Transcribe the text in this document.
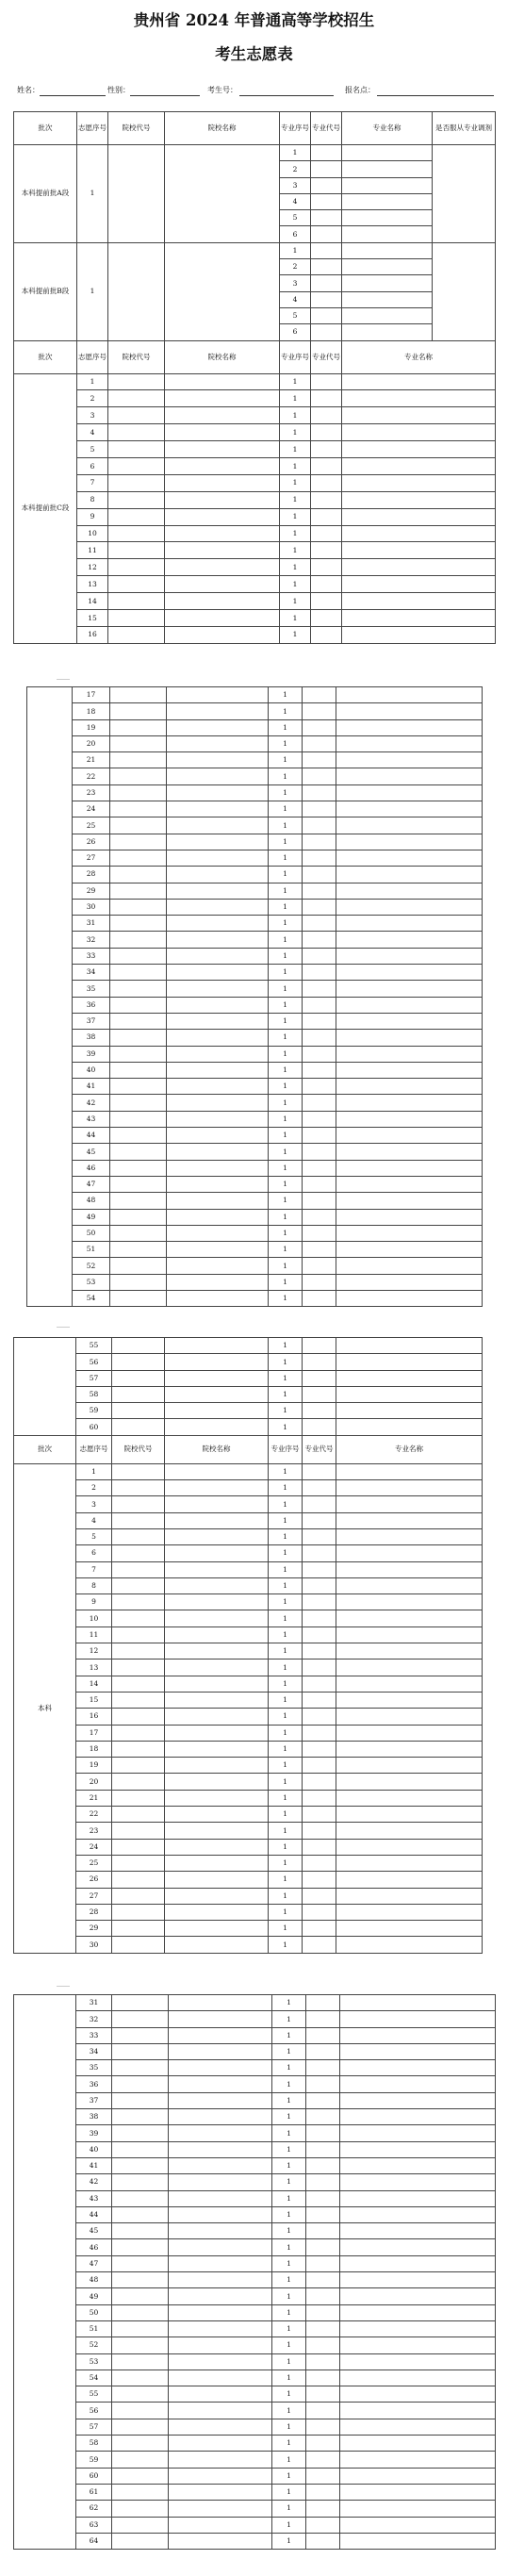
贵州省 2024 年普通高等学校招生
考生志愿表
姓名：	性别：	考生号：	报名点：
批次	志愿序号	院校代号	院校名称	专业序号	专业代号	专业名称	是否服从专业调剂
本科提前批A段	1			1			
				2			
				3			
				4			
				5			
				6			
本科提前批B段	1			1			
				2			
				3			
				4			
				5			
				6			
批次	志愿序号	院校代号	院校名称	专业序号	专业代号	专业名称	
本科提前批C段	1			1			
	2			1			
	3			1			
	4			1			
	5			1			
	6			1			
	7			1			
	8			1			
	9			1			
	10			1			
	11			1			
	12			1			
	13			1			
	14			1			
	15			1			
	16			1			
	17			1		
	18			1		
	19			1		
	20			1		
	21			1		
	22			1		
	23			1		
	24			1		
	25			1		
	26			1		
	27			1		
	28			1		
	29			1		
	30			1		
	31			1		
	32			1		
	33			1		
	34			1		
	35			1		
	36			1		
	37			1		
	38			1		
	39			1		
	40			1		
	41			1		
	42			1		
	43			1		
	44			1		
	45			1		
	46			1		
	47			1		
	48			1		
	49			1		
	50			1		
	51			1		
	52			1		
	53			1		
	54			1		
	55			1		
	56			1		
	57			1		
	58			1		
	59			1		
	60			1		
批次	志愿序号	院校代号	院校名称	专业序号	专业代号	专业名称
本科	1			1		
	2			1		
	3			1		
	4			1		
	5			1		
	6			1		
	7			1		
	8			1		
	9			1		
	10			1		
	11			1		
	12			1		
	13			1		
	14			1		
	15			1		
	16			1		
	17			1		
	18			1		
	19			1		
	20			1		
	21			1		
	22			1		
	23			1		
	24			1		
	25			1		
	26			1		
	27			1		
	28			1		
	29			1		
	30			1		
	31			1		
	32			1		
	33			1		
	34			1		
	35			1		
	36			1		
	37			1		
	38			1		
	39			1		
	40			1		
	41			1		
	42			1		
	43			1		
	44			1		
	45			1		
	46			1		
	47			1		
	48			1		
	49			1		
	50			1		
	51			1		
	52			1		
	53			1		
	54			1		
	55			1		
	56			1		
	57			1		
	58			1		
	59			1		
	60			1		
	61			1		
	62			1		
	63			1		
	64			1		
